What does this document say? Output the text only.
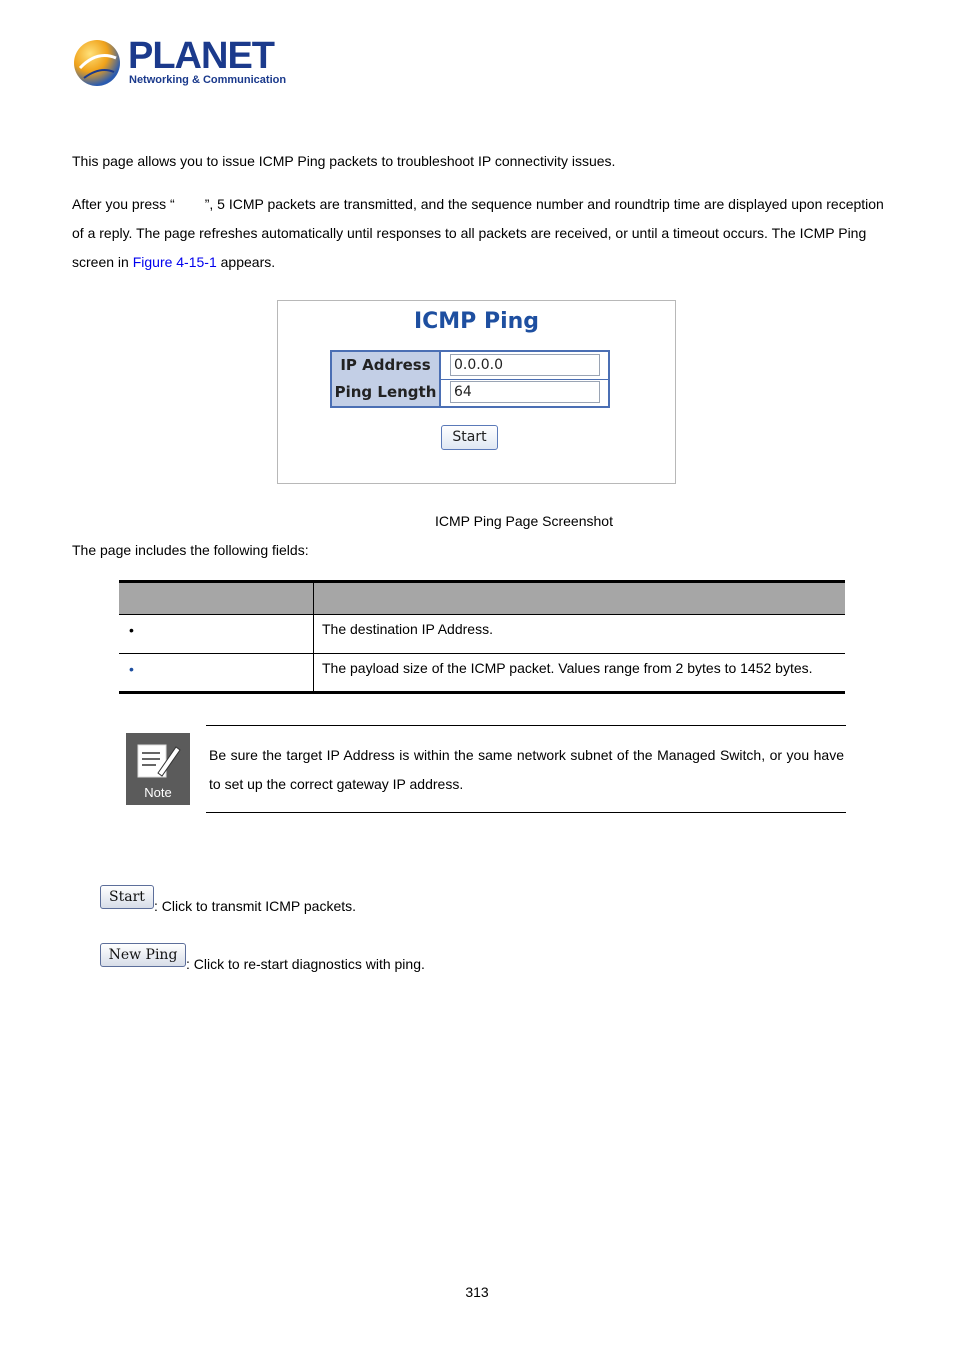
PLANET
Networking & Communication
This page allows you to issue ICMP Ping packets to troubleshoot IP connectivity issues.
After you press “ ”, 5 ICMP packets are transmitted, and the sequence number and roundtrip time are displayed upon reception of a reply. The page refreshes automatically until responses to all packets are received, or until a timeout occurs. The ICMP Ping screen in Figure 4-15-1 appears.
ICMP Ping
IP Address	0.0.0.0
Ping Length	64
Start
ICMP Ping Page Screenshot
The page includes the following fields:
•	The destination IP Address.
•	The payload size of the ICMP packet. Values range from 2 bytes to 1452 bytes.
Note
Be sure the target IP Address is within the same network subnet of the Managed Switch, or you have to set up the correct gateway IP address.
Start
: Click to transmit ICMP packets.
New Ping
: Click to re-start diagnostics with ping.
313
